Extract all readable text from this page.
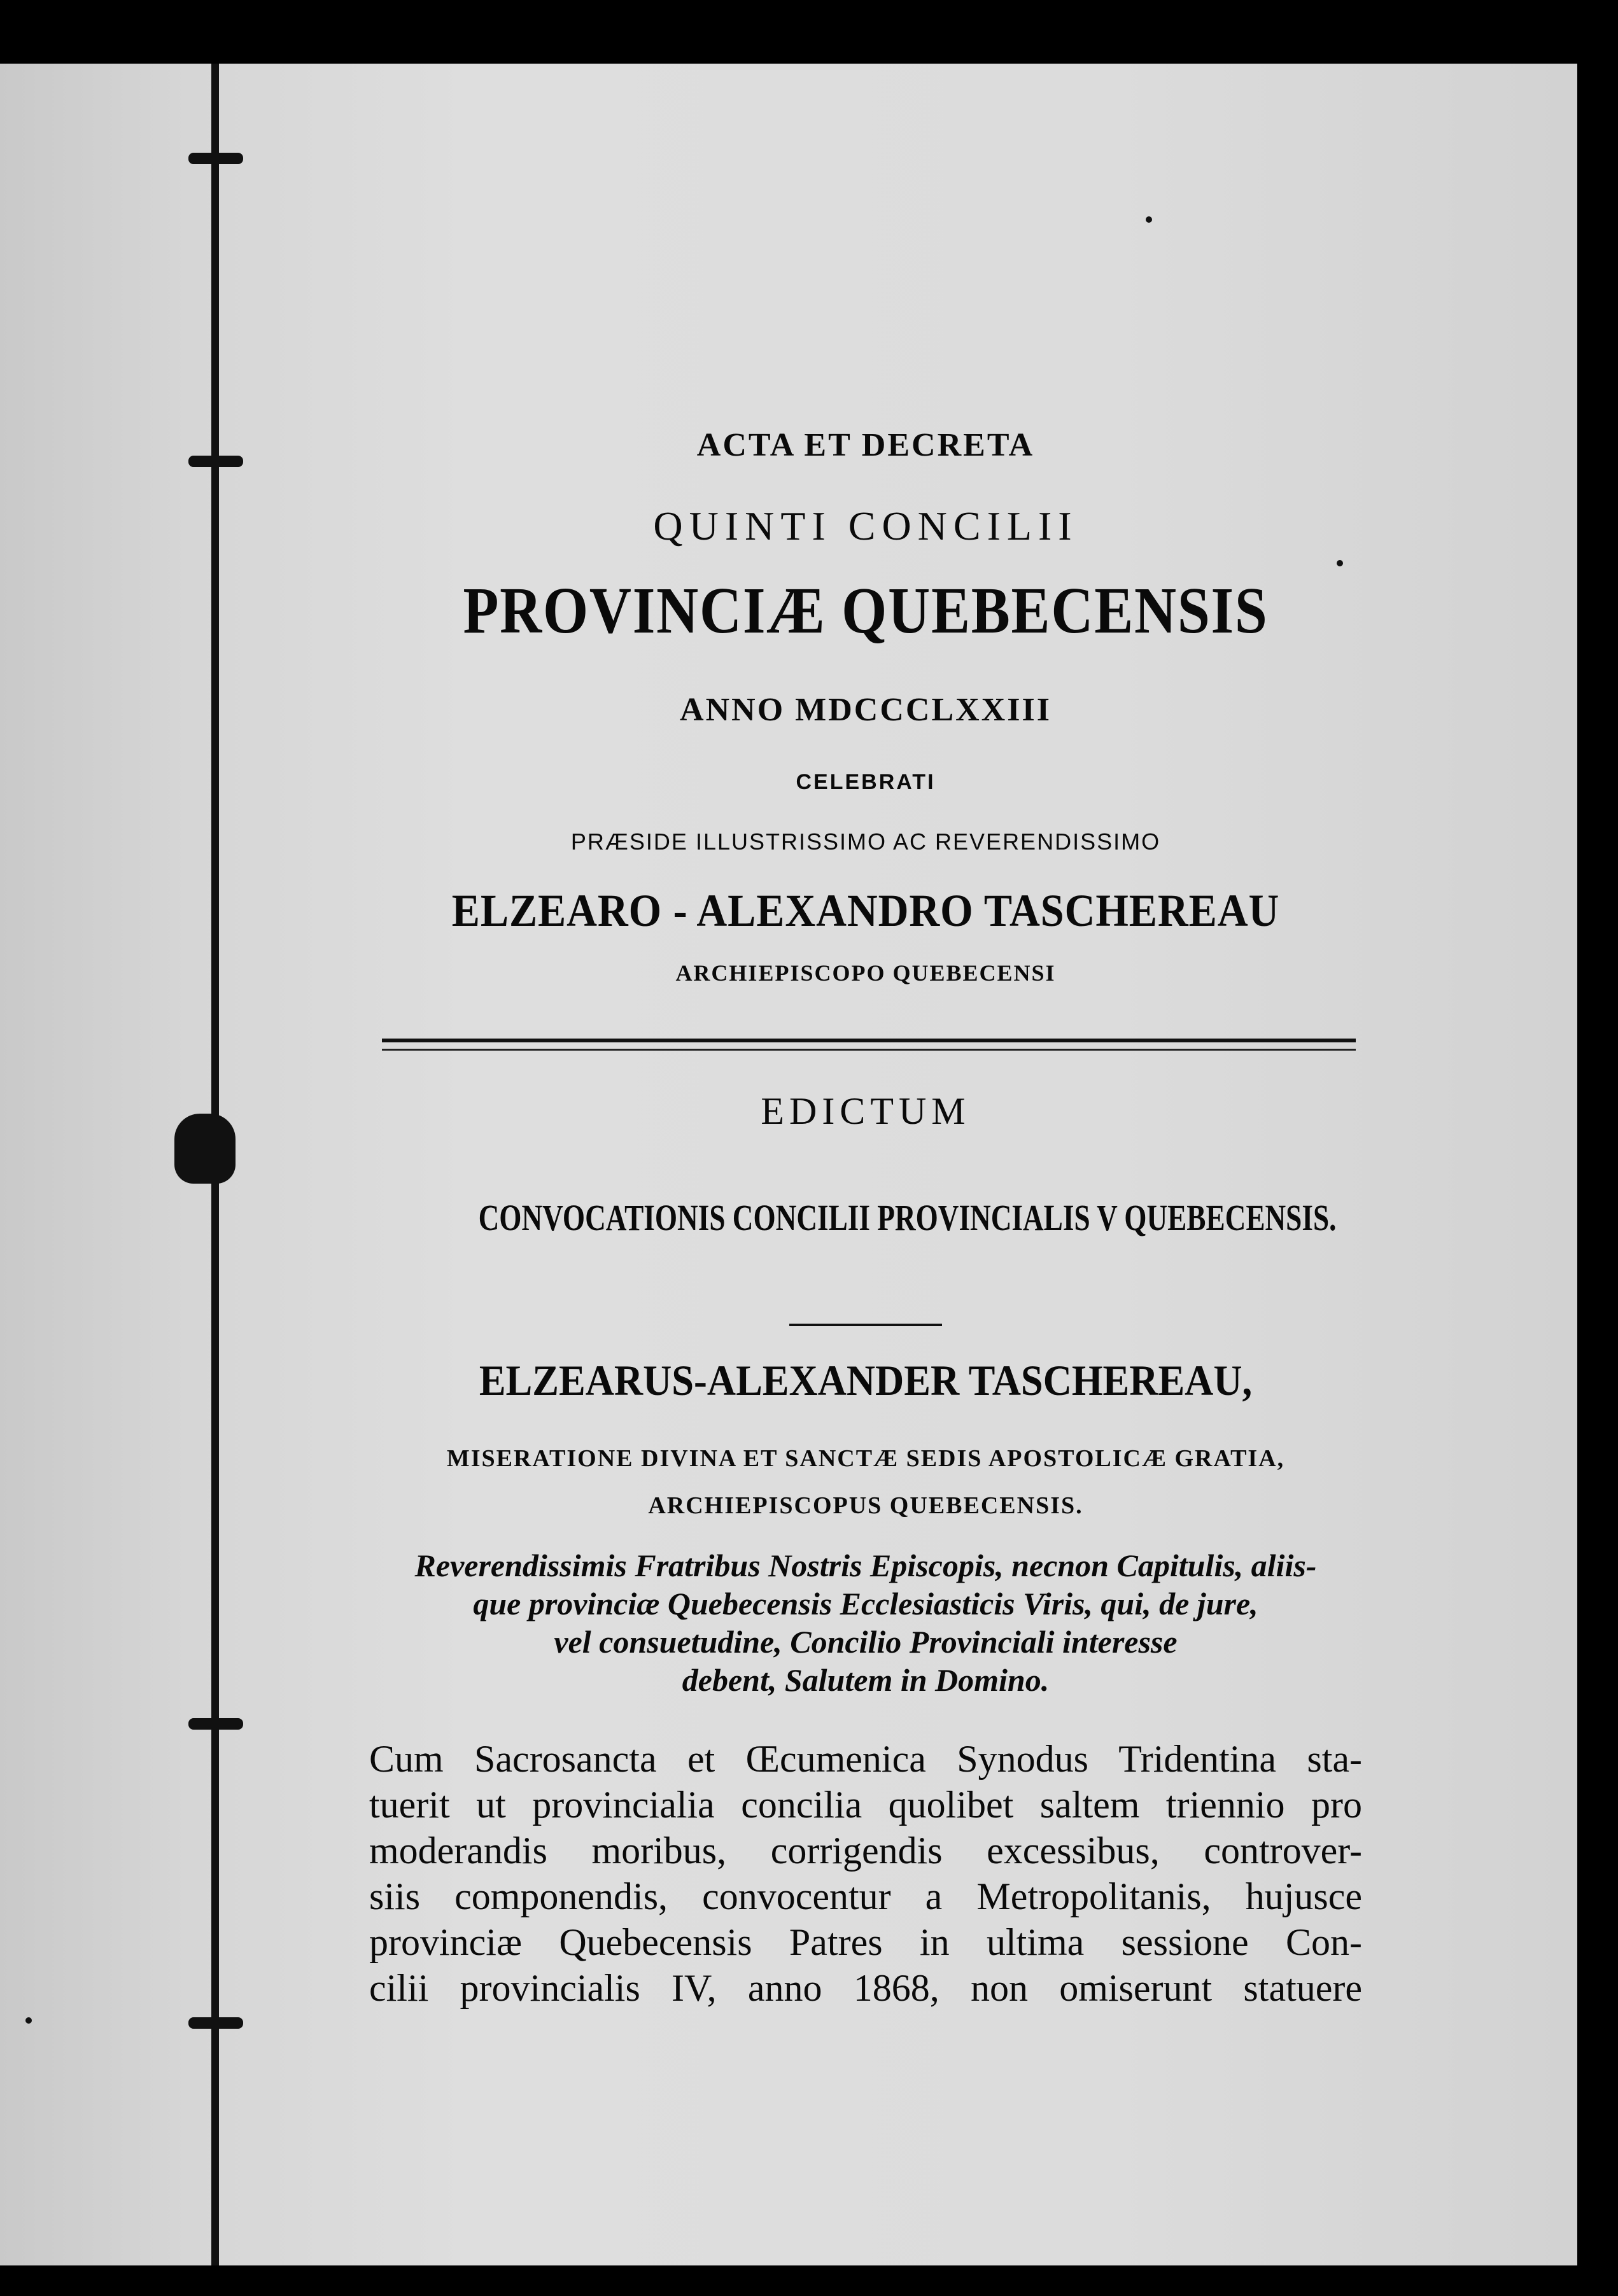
ACTA ET DECRETA
QUINTI CONCILII
PROVINCIÆ QUEBECENSIS
ANNO MDCCCLXXIII
CELEBRATI
PRÆSIDE ILLUSTRISSIMO AC REVERENDISSIMO
ELZEARO - ALEXANDRO TASCHEREAU
ARCHIEPISCOPO QUEBECENSI
EDICTUM
CONVOCATIONIS CONCILII PROVINCIALIS V QUEBECENSIS.
ELZEARUS-ALEXANDER TASCHEREAU,
MISERATIONE DIVINA ET SANCTÆ SEDIS APOSTOLICÆ GRATIA,
ARCHIEPISCOPUS QUEBECENSIS.
Reverendissimis Fratribus Nostris Episcopis, necnon Capitulis, aliis-
que provinciæ Quebecensis Ecclesiasticis Viris, qui, de jure,
vel consuetudine, Concilio Provinciali interesse
debent, Salutem in Domino.
Cum Sacrosancta et Œcumenica Synodus Tridentina sta-
tuerit ut provincialia concilia quolibet saltem triennio pro
moderandis moribus, corrigendis excessibus, controver-
siis componendis, convocentur a Metropolitanis, hujusce
provinciæ Quebecensis Patres in ultima sessione Con-
cilii provincialis IV, anno 1868, non omiserunt statuere
